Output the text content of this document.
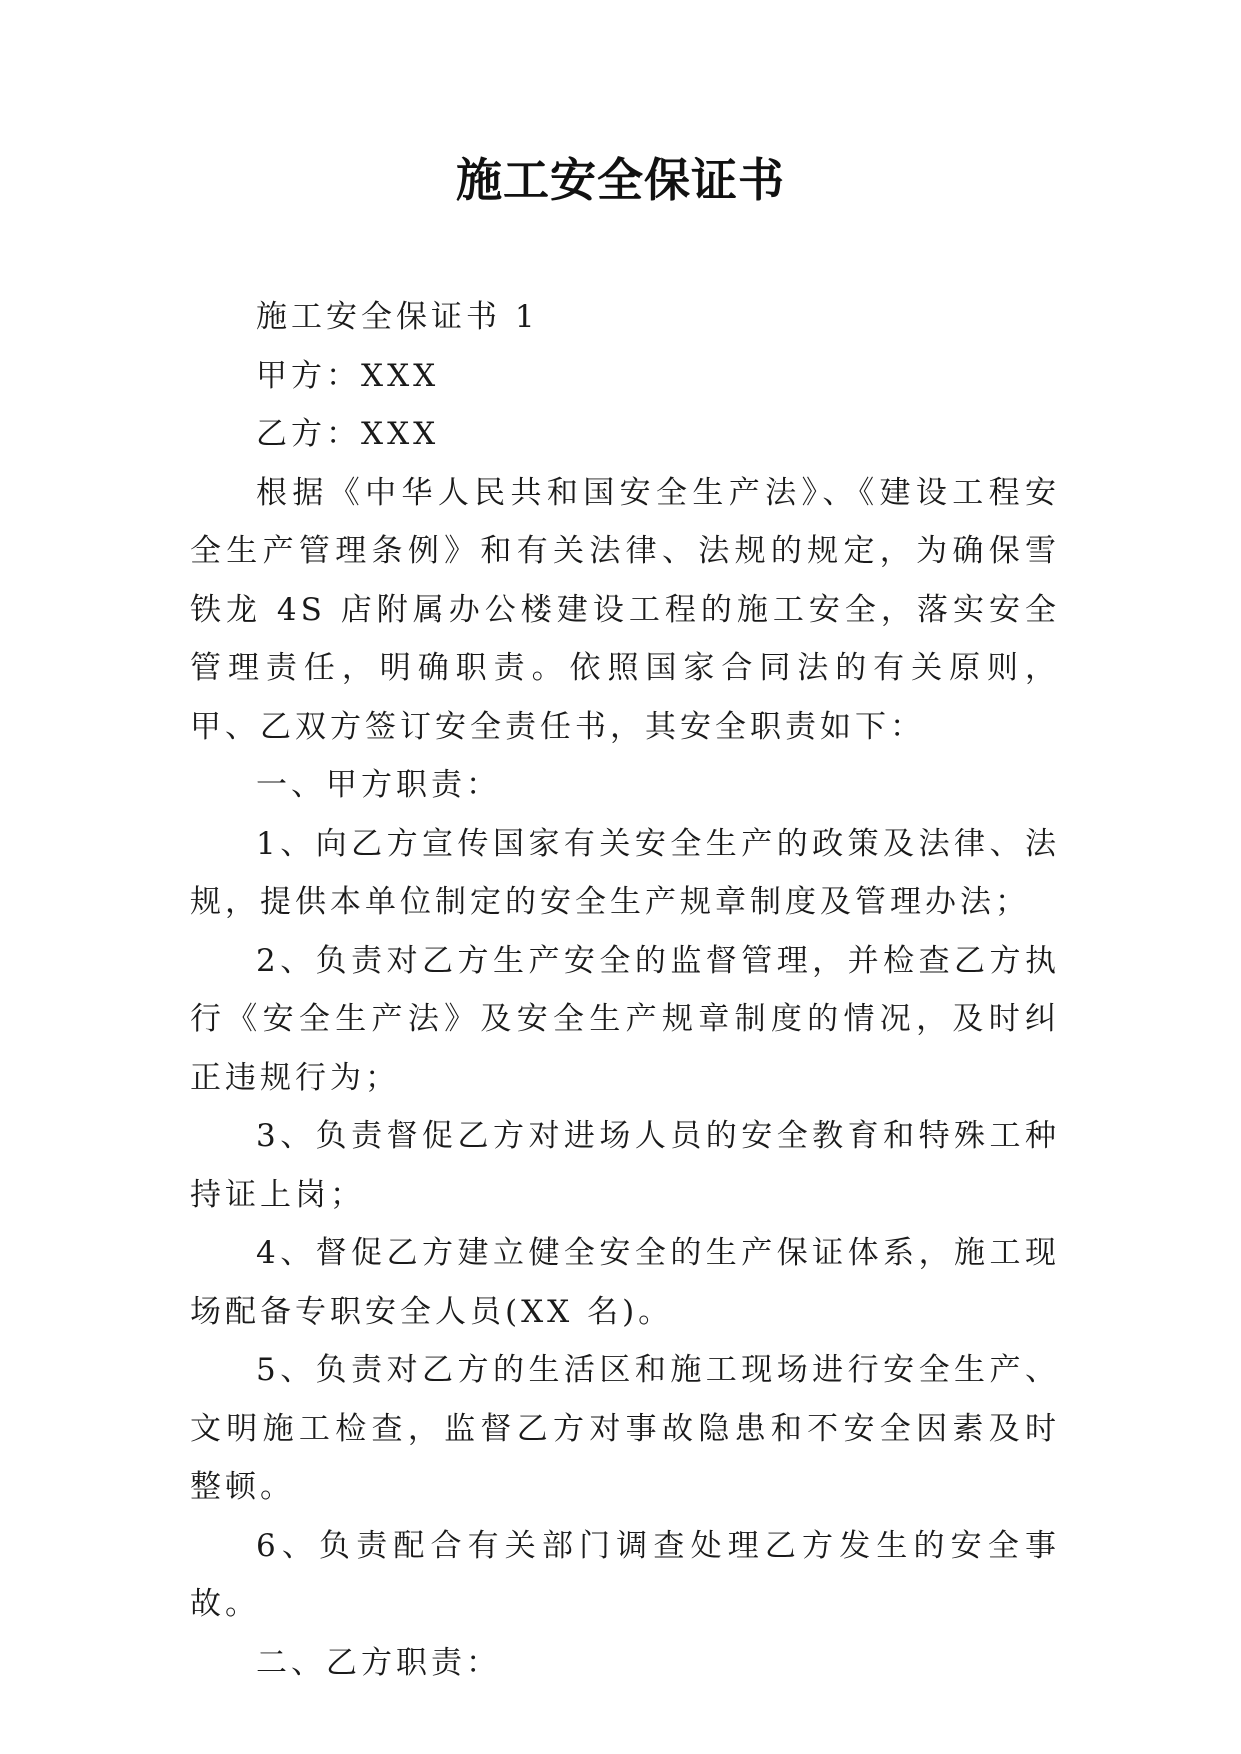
施工安全保证书

施工安全保证书 1

甲方：XXX

乙方：XXX

根据《中华人民共和国安全生产法》、《建设工程安全生产管理条例》和有关法律、法规的规定，为确保雪铁龙 4S 店附属办公楼建设工程的施工安全，落实安全管理责任，明确职责。依照国家合同法的有关原则，甲、乙双方签订安全责任书，其安全职责如下：

一、甲方职责：

1、向乙方宣传国家有关安全生产的政策及法律、法规，提供本单位制定的安全生产规章制度及管理办法；

2、负责对乙方生产安全的监督管理，并检查乙方执行《安全生产法》及安全生产规章制度的情况，及时纠正违规行为；

3、负责督促乙方对进场人员的安全教育和特殊工种持证上岗；

4、督促乙方建立健全安全的生产保证体系，施工现场配备专职安全人员(XX 名)。

5、负责对乙方的生活区和施工现场进行安全生产、文明施工检查，监督乙方对事故隐患和不安全因素及时整顿。

6、负责配合有关部门调查处理乙方发生的安全事故。

二、乙方职责：
